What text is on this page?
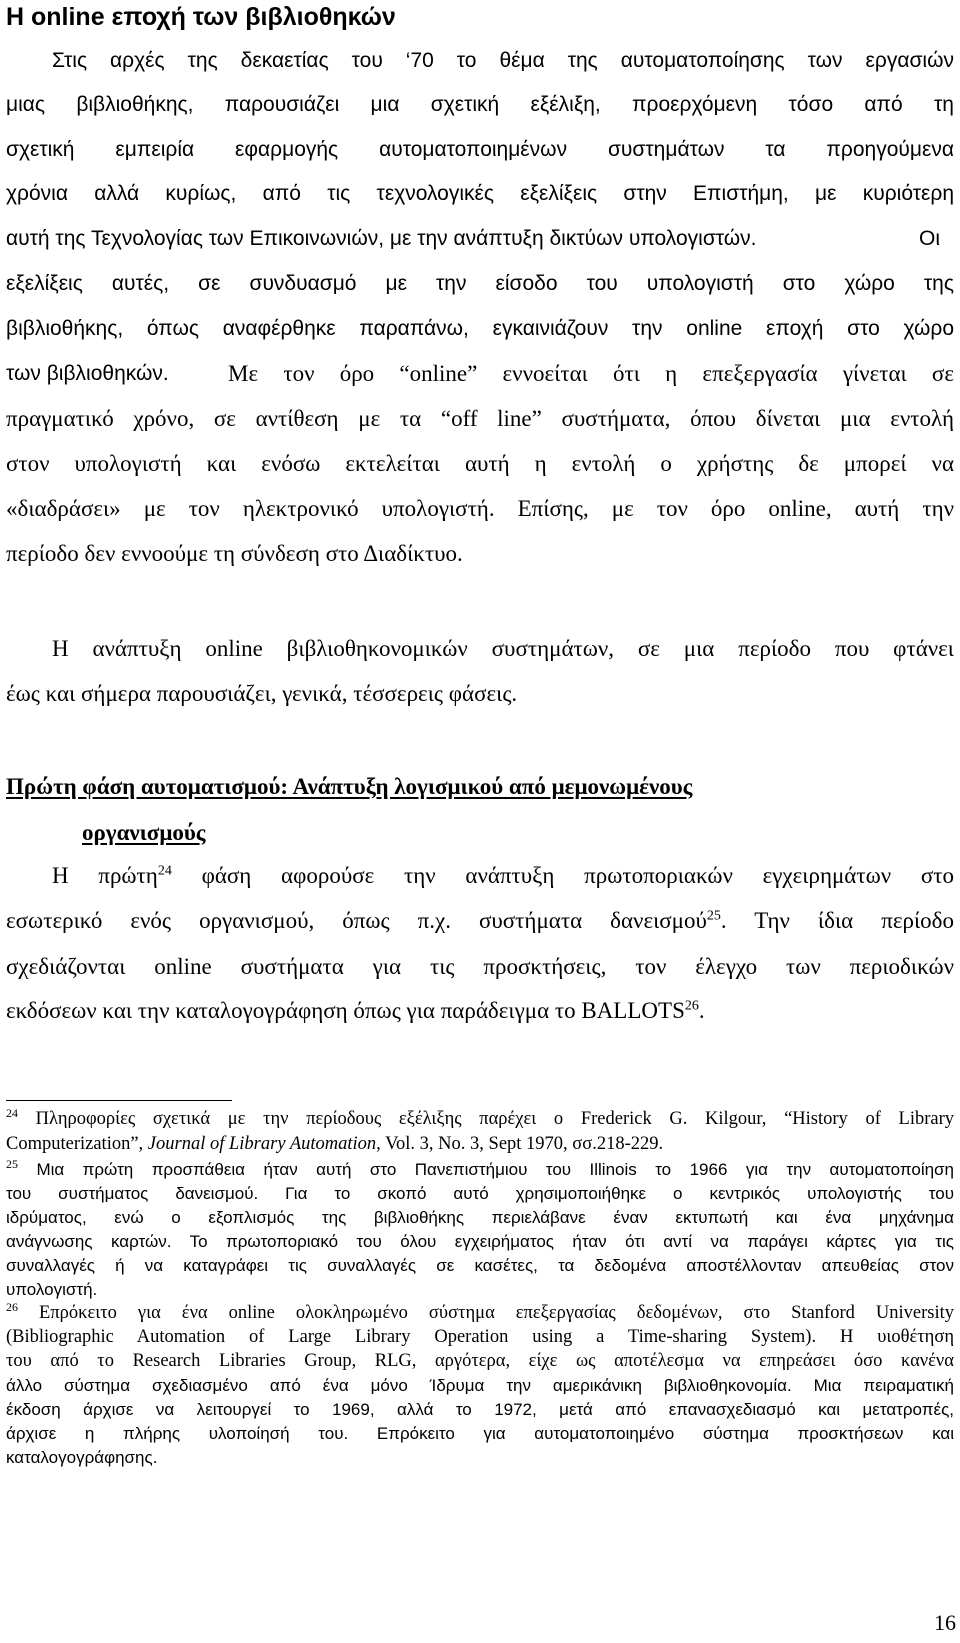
Η online εποχή των βιβλιοθηκών
Στις αρχές της δεκαετίας του ‘70 το θέμα της αυτοματοποίησης των εργασιών
μιας βιβλιοθήκης, παρουσιάζει μια σχετική εξέλιξη, προερχόμενη τόσο από τη
σχετική εμπειρία εφαρμογής αυτοματοποιημένων συστημάτων τα προηγούμενα
χρόνια αλλά κυρίως, από τις τεχνολογικές εξελίξεις στην Επιστήμη, με κυριότερη
αυτή της Τεχνολογίας των Επικοινωνιών, με την ανάπτυξη δικτύων υπολογιστών.	Οι
εξελίξεις αυτές, σε συνδυασμό με την είσοδο του υπολογιστή στο χώρο της
βιβλιοθήκης, όπως αναφέρθηκε παραπάνω, εγκαινιάζουν την online εποχή στο χώρο
των βιβλιοθηκών.	Με τον όρο “online” εννοείται ότι η επεξεργασία γίνεται σε
πραγματικό χρόνο, σε αντίθεση με τα “off line” συστήματα, όπου δίνεται μια εντολή
στον υπολογιστή και ενόσω εκτελείται αυτή η εντολή ο χρήστης δε μπορεί να
«διαδράσει» με τον ηλεκτρονικό υπολογιστή. Επίσης, με τον όρο online, αυτή την
περίοδο δεν εννοούμε τη σύνδεση στο Διαδίκτυο.
Η ανάπτυξη online βιβλιοθηκονομικών συστημάτων, σε μια περίοδο που φτάνει
έως και σήμερα παρουσιάζει, γενικά, τέσσερεις φάσεις.
Πρώτη φάση αυτοματισμού: Ανάπτυξη λογισμικού από μεμονωμένους
οργανισμούς
Η πρώτη$^{24}$ φάση αφορούσε την ανάπτυξη πρωτοποριακών εγχειρημάτων στο
εσωτερικό ενός οργανισμού, όπως π.χ. συστήματα δανεισμού$^{25}$. Την ίδια περίοδο
σχεδιάζονται online συστήματα για τις προσκτήσεις, τον έλεγχο των περιοδικών
εκδόσεων και την καταλογογράφηση όπως για παράδειγμα το BALLOTS$^{26}$.
$^{24}$ Πληροφορίες σχετικά με την περίοδους εξέλιξης παρέχει ο Frederick G. Kilgour, “History of Library
Computerization”, Journal of Library Automation, Vol. 3, No. 3, Sept 1970, σσ.218-229.
$^{25}$ Μια πρώτη προσπάθεια ήταν αυτή στο Πανεπιστήμιου του Illinois το 1966 για την αυτοματοποίηση
του συστήματος δανεισμού. Για το σκοπό αυτό χρησιμοποιήθηκε ο κεντρικός υπολογιστής του
ιδρύματος, ενώ ο εξοπλισμός της βιβλιοθήκης περιελάβανε έναν εκτυπωτή και ένα μηχάνημα
ανάγνωσης καρτών. Το πρωτοποριακό του όλου εγχειρήματος ήταν ότι αντί να παράγει κάρτες για τις
συναλλαγές ή να καταγράφει τις συναλλαγές σε κασέτες, τα δεδομένα αποστέλλονταν απευθείας στον
υπολογιστή.
$^{26}$ Επρόκειτο για ένα online ολοκληρωμένο σύστημα επεξεργασίας δεδομένων, στο Stanford University
(Bibliographic Automation of Large Library Operation using a Time-sharing System). Η υιοθέτηση
του από το Research Libraries Group, RLG, αργότερα, είχε ως αποτέλεσμα να επηρεάσει όσο κανένα
άλλο σύστημα σχεδιασμένο από ένα μόνο Ίδρυμα την αμερικάνικη βιβλιοθηκονομία. Μια πειραματική
έκδοση άρχισε να λειτουργεί το 1969, αλλά το 1972, μετά από επανασχεδιασμό και μετατροπές,
άρχισε η πλήρης υλοποίησή του. Επρόκειτο για αυτοματοποιημένο σύστημα προσκτήσεων και
καταλογογράφησης.
16
